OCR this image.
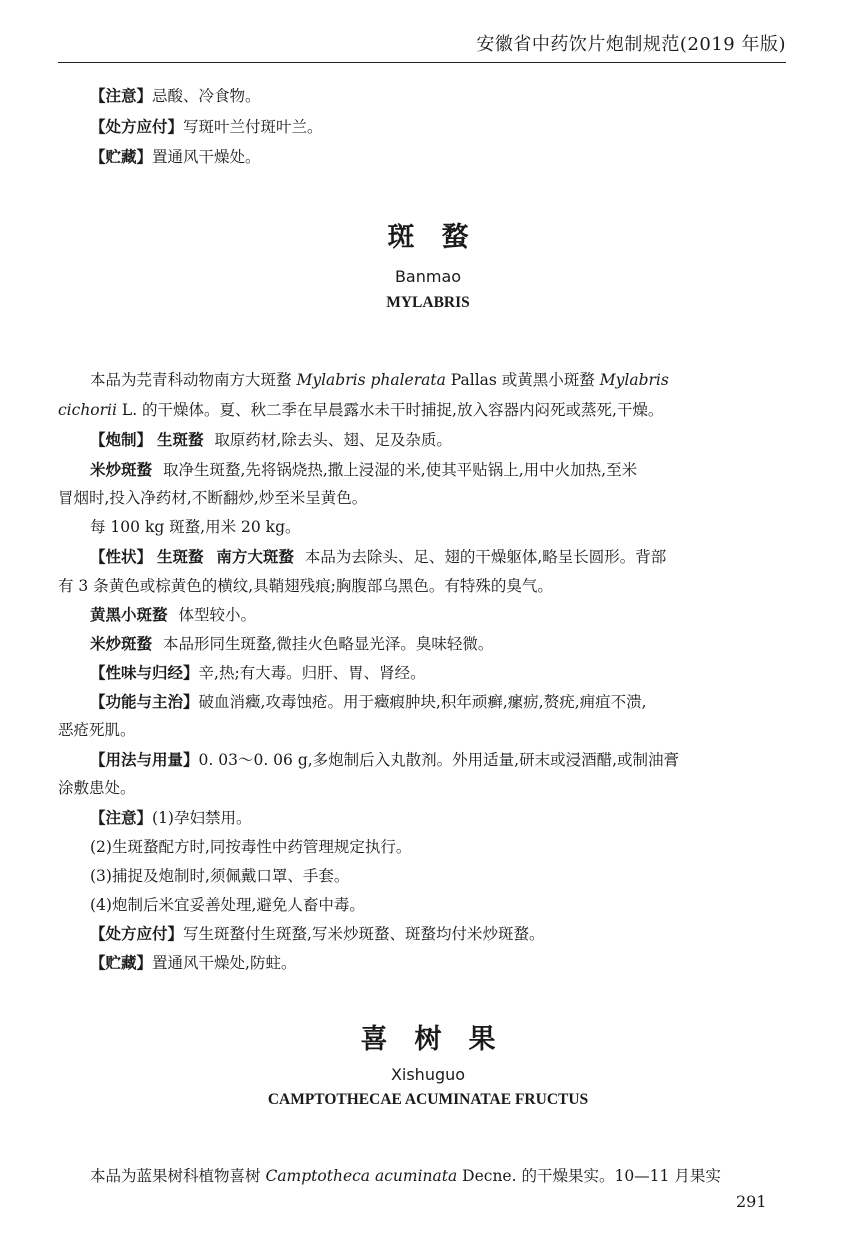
安徽省中药饮片炮制规范(2019 年版)
【注意】忌酸、冷食物。
【处方应付】写斑叶兰付斑叶兰。
【贮藏】置通风干燥处。
斑　蝥
Banmao
MYLABRIS
本品为芫青科动物南方大斑蝥 Mylabris phalerata Pallas 或黄黑小斑蝥 Mylabris
cichorii L. 的干燥体。夏、秋二季在早晨露水未干时捕捉,放入容器内闷死或蒸死,干燥。
【炮制】 生斑蝥 取原药材,除去头、翅、足及杂质。
米炒斑蝥 取净生斑蝥,先将锅烧热,撒上浸湿的米,使其平贴锅上,用中火加热,至米
冒烟时,投入净药材,不断翻炒,炒至米呈黄色。
每 100 kg 斑蝥,用米 20 kg。
【性状】 生斑蝥 南方大斑蝥 本品为去除头、足、翅的干燥躯体,略呈长圆形。背部
有 3 条黄色或棕黄色的横纹,具鞘翅残痕;胸腹部乌黑色。有特殊的臭气。
黄黑小斑蝥 体型较小。
米炒斑蝥 本品形同生斑蝥,微挂火色略显光泽。臭味轻微。
【性味与归经】辛,热;有大毒。归肝、胃、肾经。
【功能与主治】破血消癥,攻毒蚀疮。用于癥瘕肿块,积年顽癣,瘰疬,赘疣,痈疽不溃,
恶疮死肌。
【用法与用量】0. 03～0. 06 g,多炮制后入丸散剂。外用适量,研末或浸酒醋,或制油膏
涂敷患处。
【注意】(1)孕妇禁用。
(2)生斑蝥配方时,同按毒性中药管理规定执行。
(3)捕捉及炮制时,须佩戴口罩、手套。
(4)炮制后米宜妥善处理,避免人畜中毒。
【处方应付】写生斑蝥付生斑蝥,写米炒斑蝥、斑蝥均付米炒斑蝥。
【贮藏】置通风干燥处,防蛀。
喜　树　果
Xishuguo
CAMPTOTHECAE ACUMINATAE FRUCTUS
本品为蓝果树科植物喜树 Camptotheca acuminata Decne. 的干燥果实。10—11 月果实
291
